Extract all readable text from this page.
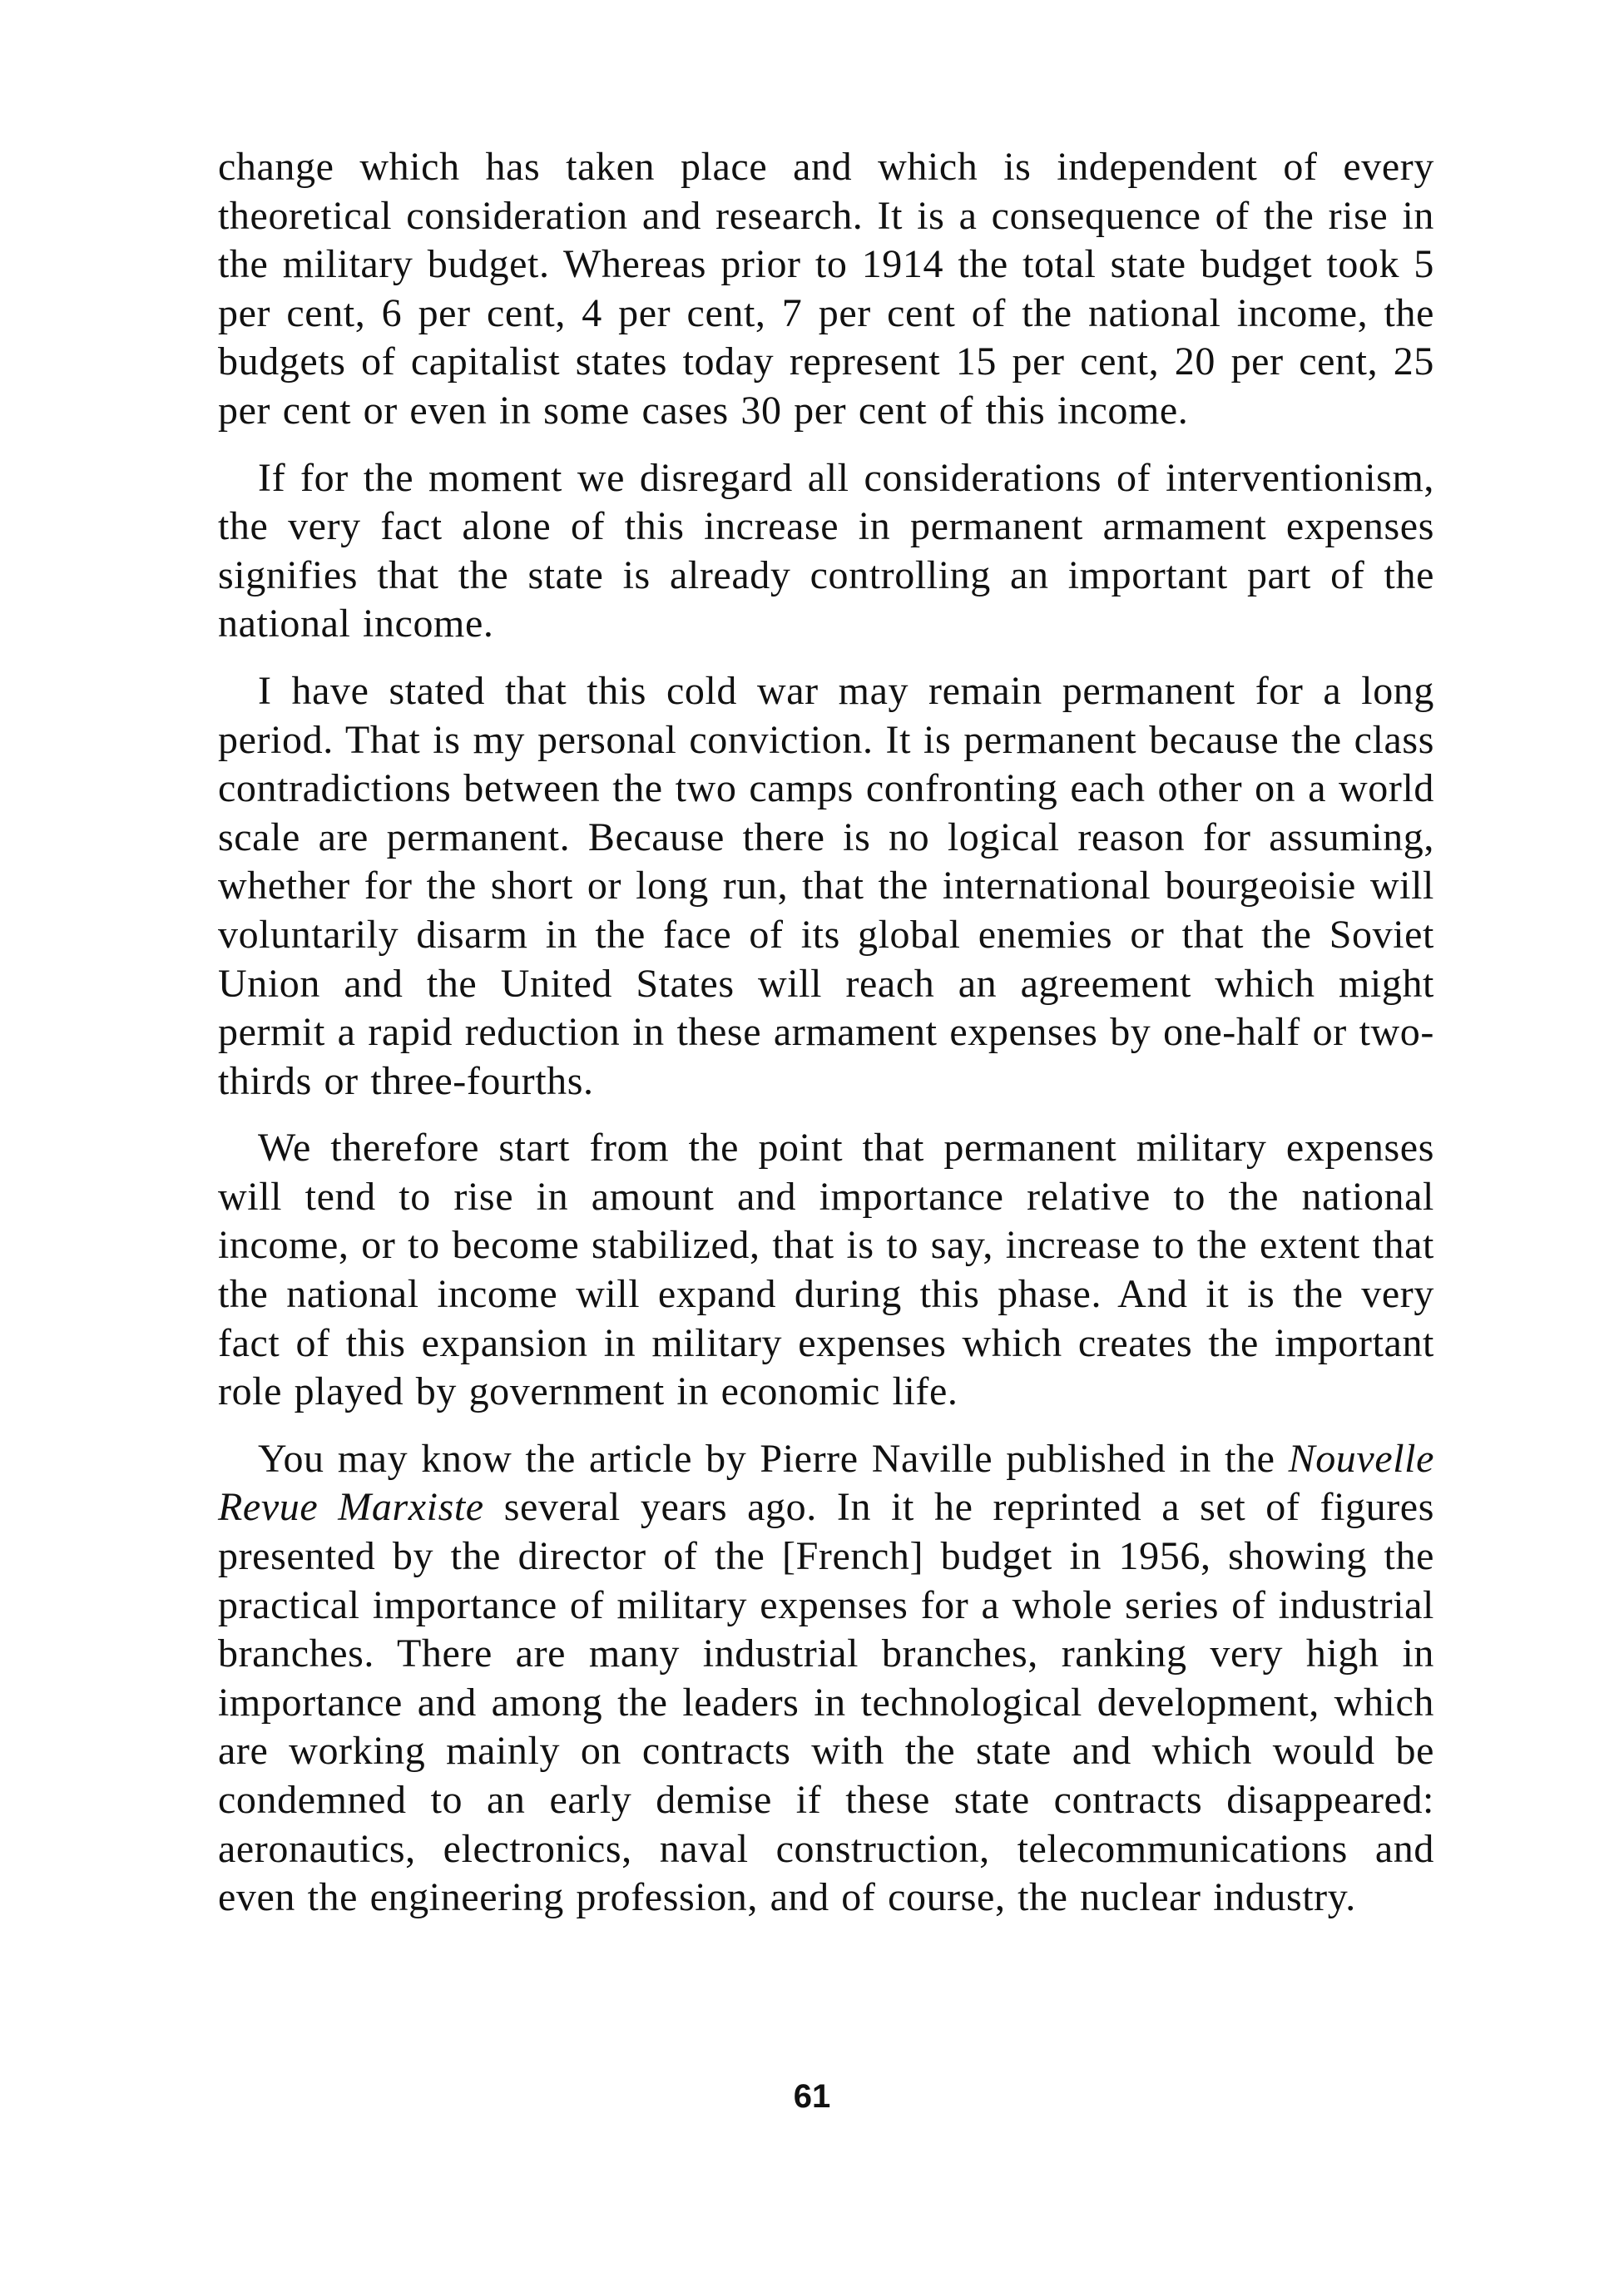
change which has taken place and which is independent of every theoretical consideration and research. It is a consequence of the rise in the military budget. Whereas prior to 1914 the total state budget took 5 per cent, 6 per cent, 4 per cent, 7 per cent of the national income, the budgets of capitalist states today represent 15 per cent, 20 per cent, 25 per cent or even in some cases 30 per cent of this income.

If for the moment we disregard all considerations of interventionism, the very fact alone of this increase in permanent armament expenses signifies that the state is already controlling an important part of the national income.

I have stated that this cold war may remain permanent for a long period. That is my personal conviction. It is permanent because the class contradictions between the two camps confronting each other on a world scale are permanent. Because there is no logical reason for assuming, whether for the short or long run, that the international bourgeoisie will voluntarily disarm in the face of its global enemies or that the Soviet Union and the United States will reach an agreement which might permit a rapid reduction in these armament expenses by one-half or two-thirds or three-fourths.

We therefore start from the point that permanent military expenses will tend to rise in amount and importance relative to the national income, or to become stabilized, that is to say, increase to the extent that the national income will expand during this phase. And it is the very fact of this expansion in military expenses which creates the important role played by government in economic life.

You may know the article by Pierre Naville published in the Nouvelle Revue Marxiste several years ago. In it he reprinted a set of figures presented by the director of the [French] budget in 1956, showing the practical importance of military expenses for a whole series of industrial branches. There are many industrial branches, ranking very high in importance and among the leaders in technological development, which are working mainly on contracts with the state and which would be condemned to an early demise if these state contracts disappeared: aeronautics, electronics, naval construction, telecommunications and even the engineering profession, and of course, the nuclear industry.

61
